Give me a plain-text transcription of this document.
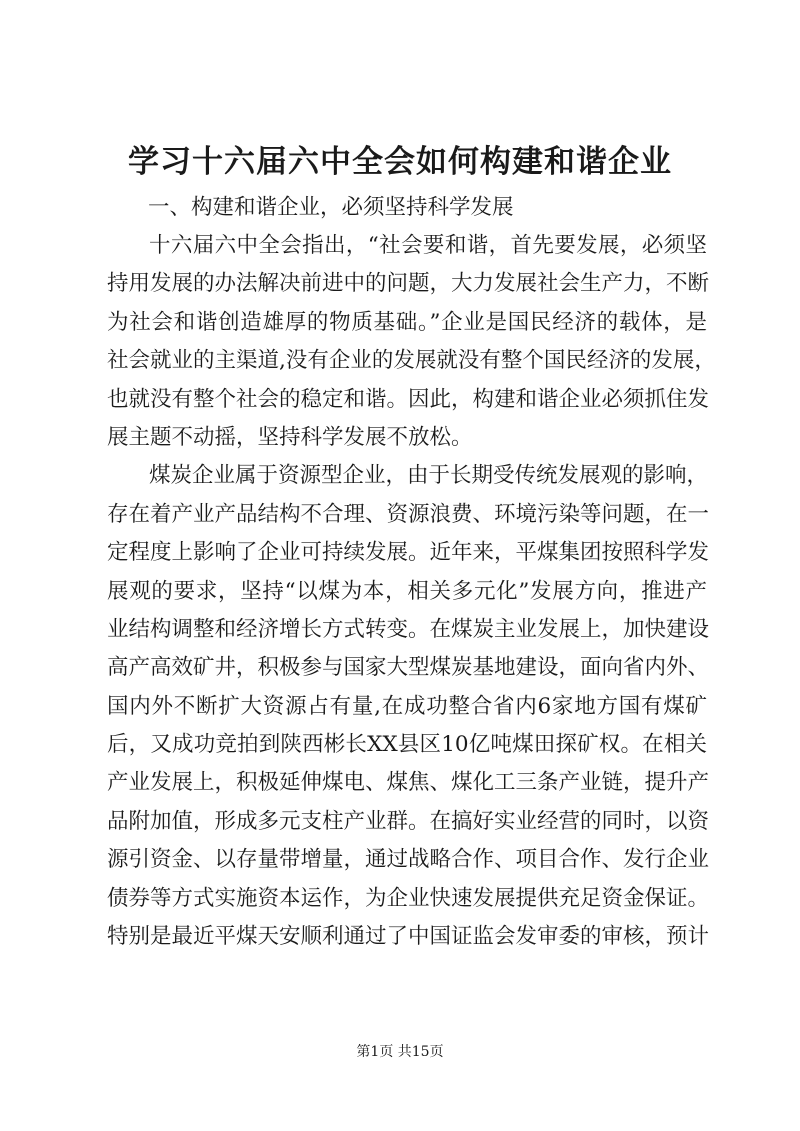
学习十六届六中全会如何构建和谐企业
一、构建和谐企业，必须坚持科学发展
十六届六中全会指出，“社会要和谐，首先要发展，必须坚
持用发展的办法解决前进中的问题，大力发展社会生产力，不断
为社会和谐创造雄厚的物质基础。”企业是国民经济的载体，是
社会就业的主渠道,没有企业的发展就没有整个国民经济的发展，
也就没有整个社会的稳定和谐。因此，构建和谐企业必须抓住发
展主题不动摇，坚持科学发展不放松。
煤炭企业属于资源型企业，由于长期受传统发展观的影响，
存在着产业产品结构不合理、资源浪费、环境污染等问题，在一
定程度上影响了企业可持续发展。近年来，平煤集团按照科学发
展观的要求，坚持“以煤为本，相关多元化”发展方向，推进产
业结构调整和经济增长方式转变。在煤炭主业发展上，加快建设
高产高效矿井，积极参与国家大型煤炭基地建设，面向省内外、
国内外不断扩大资源占有量,在成功整合省内6家地方国有煤矿
后，又成功竞拍到陕西彬长XX县区10亿吨煤田探矿权。在相关
产业发展上，积极延伸煤电、煤焦、煤化工三条产业链，提升产
品附加值，形成多元支柱产业群。在搞好实业经营的同时，以资
源引资金、以存量带增量，通过战略合作、项目合作、发行企业
债券等方式实施资本运作，为企业快速发展提供充足资金保证。
特别是最近平煤天安顺利通过了中国证监会发审委的审核，预计
第1页 共15页
